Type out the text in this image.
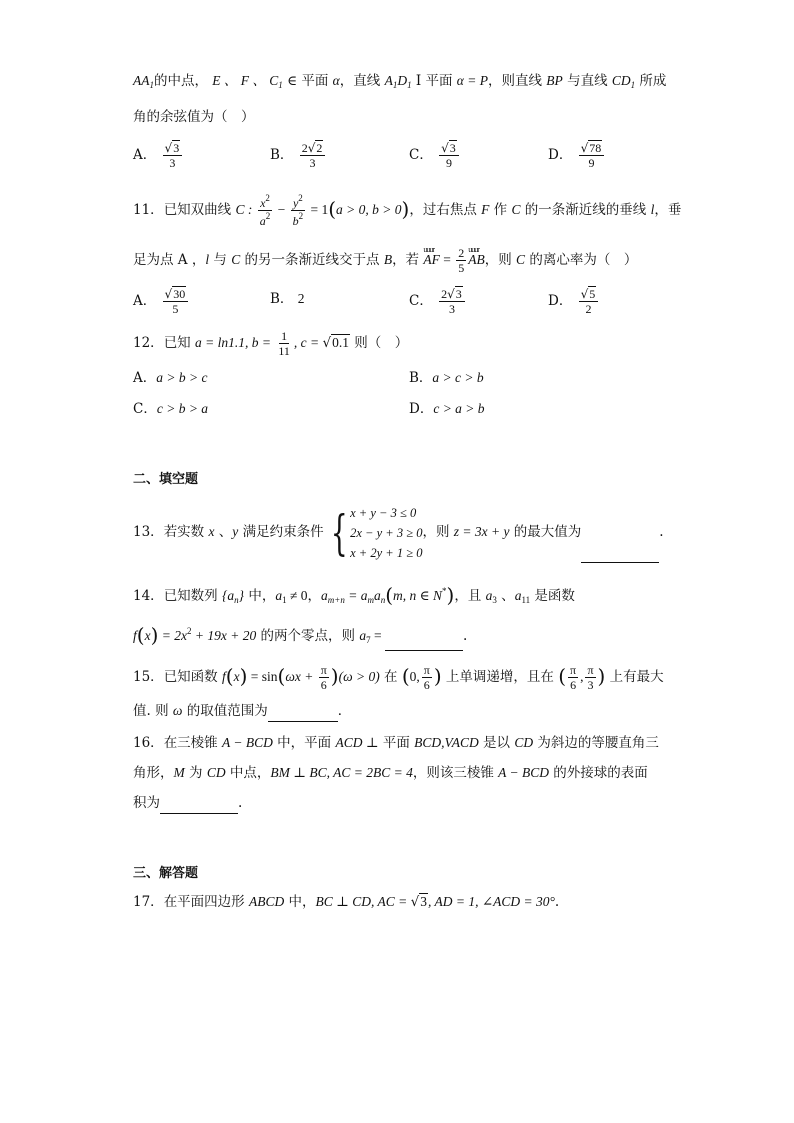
$AA_1$的中点， E 、 F 、 $C_1$ ∈ 平面 α，直线 $A_1D_1$ I 平面 α = P，则直线 BP 与直线 $CD_1$ 所成
角的余弦值为（　）
A． $\frac{√3}{3}$	B． $\frac{2√2}{3}$	C． $\frac{√3}{9}$	D． $\frac{√78}{9}$
11．已知双曲线 C : $\frac{x^2}{a^2} - \frac{y^2}{b^2} = 1(a > 0$, b > 0)，过右焦点 F 作 C 的一条渐近线的垂线 l，垂
足为点 A ，l 与 C 的另一条渐近线交于点 B，若
uuur
AF = $\frac{2}{5}$ uuur
AB，则 C 的离心率为（　）
A． $\frac{√30}{5}$	B． 2	C． $\frac{2√3}{3}$	D． $\frac{√5}{2}$
12．已知 a = ln1.1, $b = \frac{1}{11}$ , c = √0.1 则（　）
A．a > b > c	B．a > c > b
C．c > b > a	D．c > a > b
二、填空题
13．若实数 x 、y 满足约束条件 { x + y − 3 ≤ 0
2x − y + 3 ≥ 0
x + 2y + 1 ≥ 0
，则 z = 3x + y 的最大值为	.
14．已知数列 $\{a_n\}$ 中，$a_1 \ne 0$，$a_{m+n} = a_ma_n(m$, n ∈ N*)，且 $a_3$ 、$a_{11}$ 是函数
$f(x) = 2x^2 + 19x + 20$ 的两个零点，则 $a_7$ =	.
15．已知函数 $f(x) = \sin(\omega x + \frac{\pi}{6} )(\omega > 0)$ 在 (0, $\frac{\pi}{6}$ ) 上单调递增，且在 ( $\frac{\pi}{6}$ , $\frac{\pi}{3}$ ) 上有最大
值. 则 ω 的取值范围为	．
16．在三棱锥 A − BCD 中，平面 ACD ⊥ 平面 BCD,VACD 是以 CD 为斜边的等腰直角三
角形，M 为 CD 中点，BM ⊥ BC, AC = 2BC = 4，则该三棱锥 A − BCD 的外接球的表面
积为	.
三、解答题
17．在平面四边形 ABCD 中，BC ⊥ CD, AC = √3, AD = 1, ∠ACD = 30°.
